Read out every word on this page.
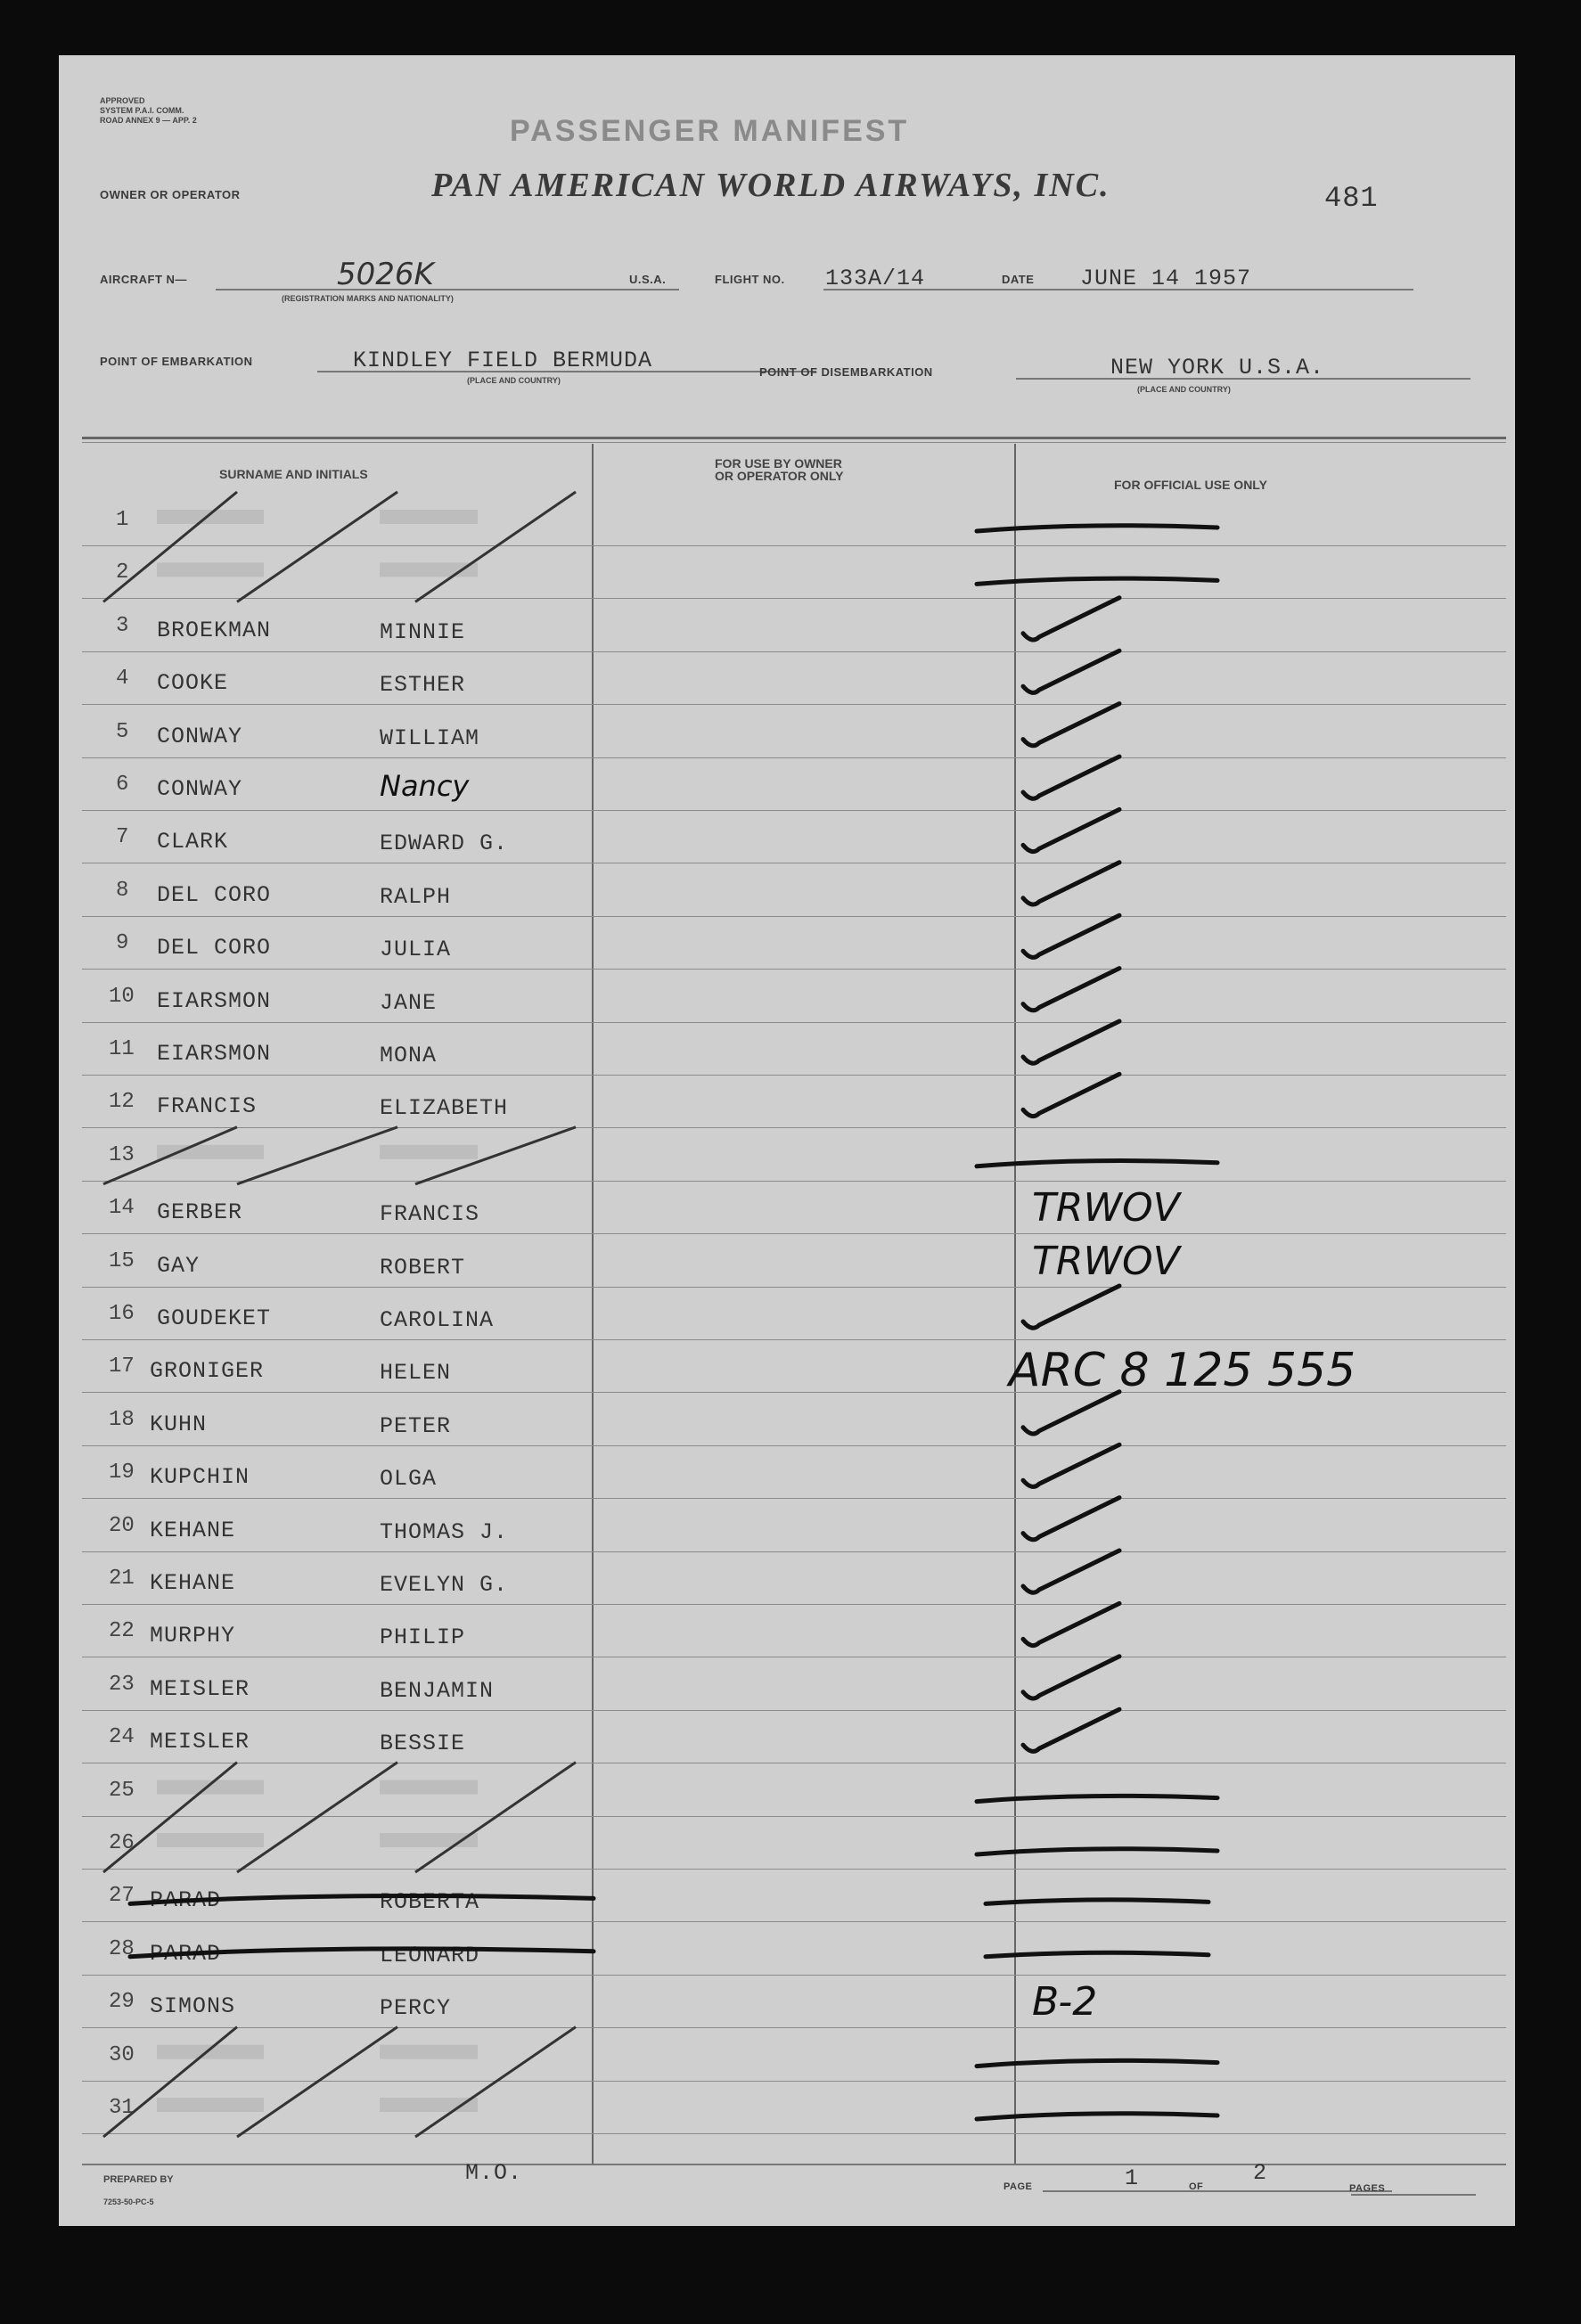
APPROVED
SYSTEM P.A.I. COMM.
ROAD ANNEX 9 — APP. 2	PASSENGER MANIFEST
OWNER OR OPERATOR	PAN AMERICAN WORLD AIRWAYS, INC.	481
AIRCRAFT N—	5026K
(REGISTRATION MARKS AND NATIONALITY)
U.S.A.	FLIGHT NO. 133A/14	DATE JUNE 14 1957
POINT OF EMBARKATION	KINDLEY FIELD BERMUDA
(PLACE AND COUNTRY)
POINT OF DISEMBARKATION	NEW YORK U.S.A.
(PLACE AND COUNTRY)
SURNAME AND INITIALS
FOR USE BY OWNER
OR OPERATOR ONLY
FOR OFFICIAL USE ONLY
1
2
3 BROEKMAN	MINNIE
4 COOKE	ESTHER
5 CONWAY	WILLIAM
6 CONWAY	Nancy
7 CLARK	EDWARD G.
8 DEL CORO	RALPH
9 DEL CORO	JULIA
10 EIARSMON	JANE
11 EIARSMON	MONA
12 FRANCIS	ELIZABETH
13
14 GERBER	FRANCIS	TRWOV
15 GAY	ROBERT	TRWOV
16 GOUDEKET	CAROLINA
17 GRONIGER	HELEN	ARC 8 125 555
18 KUHN	PETER
19 KUPCHIN	OLGA
20 KEHANE	THOMAS J.
21 KEHANE	EVELYN G.
22 MURPHY	PHILIP
23 MEISLER	BENJAMIN
24 MEISLER	BESSIE
25
26
27 PARAD	ROBERTA
28 PARAD	LEONARD
29 SIMONS	PERCY	B-2
30
31
PREPARED BY
7253-50-PC-5
M.O.
PAGE	1	OF
2
PAGES
